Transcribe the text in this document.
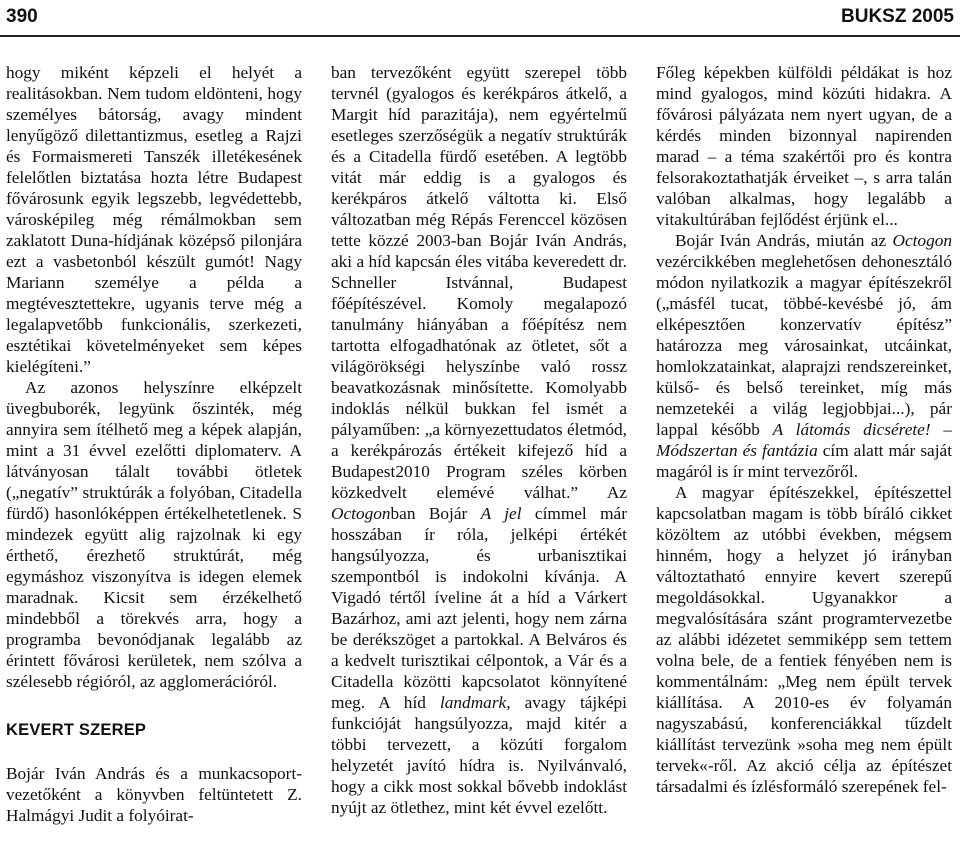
390	BUKSZ 2005

hogy miként képzeli el helyét a realitásokban. Nem tudom eldönteni, hogy személyes bátorság, avagy mindent lenyűgöző dilettantizmus, esetleg a Rajzi és Formaismereti Tanszék illetékesének felelőtlen biztatása hozta létre Budapest fővárosunk egyik legszebb, legvédettebb, városképileg még rémálmokban sem zaklatott Duna-hídjának középső pilonjára ezt a vasbetonból készült gumót! Nagy Mariann személye a példa a megtévesztettekre, ugyanis terve még a legalapvetőbb funkcionális, szerkezeti, esztétikai követelményeket sem képes kielégíteni.”

Az azonos helyszínre elképzelt üvegbuborék, legyünk őszinték, még annyira sem ítélhető meg a képek alapján, mint a 31 évvel ezelőtti diplomaterv. A látványosan tálalt további ötletek („negatív” struktúrák a folyóban, Citadella fürdő) hasonlóképpen értékelhetetlenek. S mindezek együtt alig rajzolnak ki egy érthető, érezhető struktúrát, még egymáshoz viszonyítva is idegen elemek maradnak. Kicsit sem érzékelhető mindebből a törekvés arra, hogy a programba bevonódjanak legalább az érintett fővárosi kerületek, nem szólva a szélesebb régióról, az agglomerációról.

KEVERT SZEREP

Bojár Iván András és a munkacsoport-vezetőként a könyvben feltüntetett Z. Halmágyi Judit a folyóirat-

ban tervezőként együtt szerepel több tervnél (gyalogos és kerékpáros átkelő, a Margit híd parazitája), nem egyértelmű esetleges szerzőségük a negatív struktúrák és a Citadella fürdő esetében. A legtöbb vitát már eddig is a gyalogos és kerékpáros átkelő váltotta ki. Első változatban még Répás Ferenccel közösen tette közzé 2003-ban Bojár Iván András, aki a híd kapcsán éles vitába keveredett dr. Schneller Istvánnal, Budapest főépítészével. Komoly megalapozó tanulmány hiányában a főépítész nem tartotta elfogadhatónak az ötletet, sőt a világörökségi helyszínbe való rossz beavatkozásnak minősítette. Komolyabb indoklás nélkül bukkan fel ismét a pályaműben: „a környezettudatos életmód, a kerékpározás értékeit kifejező híd a Budapest2010 Program széles körben közkedvelt elemévé válhat.” Az Octogonban Bojár A jel címmel már hosszában ír róla, jelképi értékét hangsúlyozza, és urbanisztikai szempontból is indokolni kívánja. A Vigadó tértől íveline át a híd a Várkert Bazárhoz, ami azt jelenti, hogy nem zárna be derékszöget a partokkal. A Belváros és a kedvelt turisztikai célpontok, a Vár és a Citadella közötti kapcsolatot könnyítené meg. A híd landmark, avagy tájképi funkcióját hangsúlyozza, majd kitér a többi tervezett, a közúti forgalom helyzetét javító hídra is. Nyilvánvaló, hogy a cikk most sokkal bővebb indoklást nyújt az ötlethez, mint két évvel ezelőtt.

Főleg képekben külföldi példákat is hoz mind gyalogos, mind közúti hidakra. A fővárosi pályázata nem nyert ugyan, de a kérdés minden bizonnyal napirenden marad – a téma szakértői pro és kontra felsorakoztathatják érveiket –, s arra talán valóban alkalmas, hogy legalább a vitakultúrában fejlődést érjünk el...

Bojár Iván András, miután az Octogon vezércikkében meglehetősen dehonesztáló módon nyilatkozik a magyar építészekről („másfél tucat, többé-kevésbé jó, ám elképesztően konzervatív építész” határozza meg városainkat, utcáinkat, homlokzatainkat, alaprajzi rendszereinket, külső- és belső tereinket, míg más nemzetekéi a világ legjobbjai...), pár lappal később A látomás dicsérete! – Módszertan és fantázia cím alatt már saját magáról is ír mint tervezőről.

A magyar építészekkel, építészettel kapcsolatban magam is több bíráló cikket közöltem az utóbbi években, mégsem hinném, hogy a helyzet jó irányban változtatható ennyire kevert szerepű megoldásokkal. Ugyanakkor a megvalósítására szánt programtervezetbe az alábbi idézetet semmiképp sem tettem volna bele, de a fentiek fényében nem is kommentálnám: „Meg nem épült tervek kiállítása. A 2010-es év folyamán nagyszabású, konferenciákkal tűzdelt kiállítást tervezünk »soha meg nem épült tervek«-ről. Az akció célja az építészet társadalmi és ízlésformáló szerepének fel-
